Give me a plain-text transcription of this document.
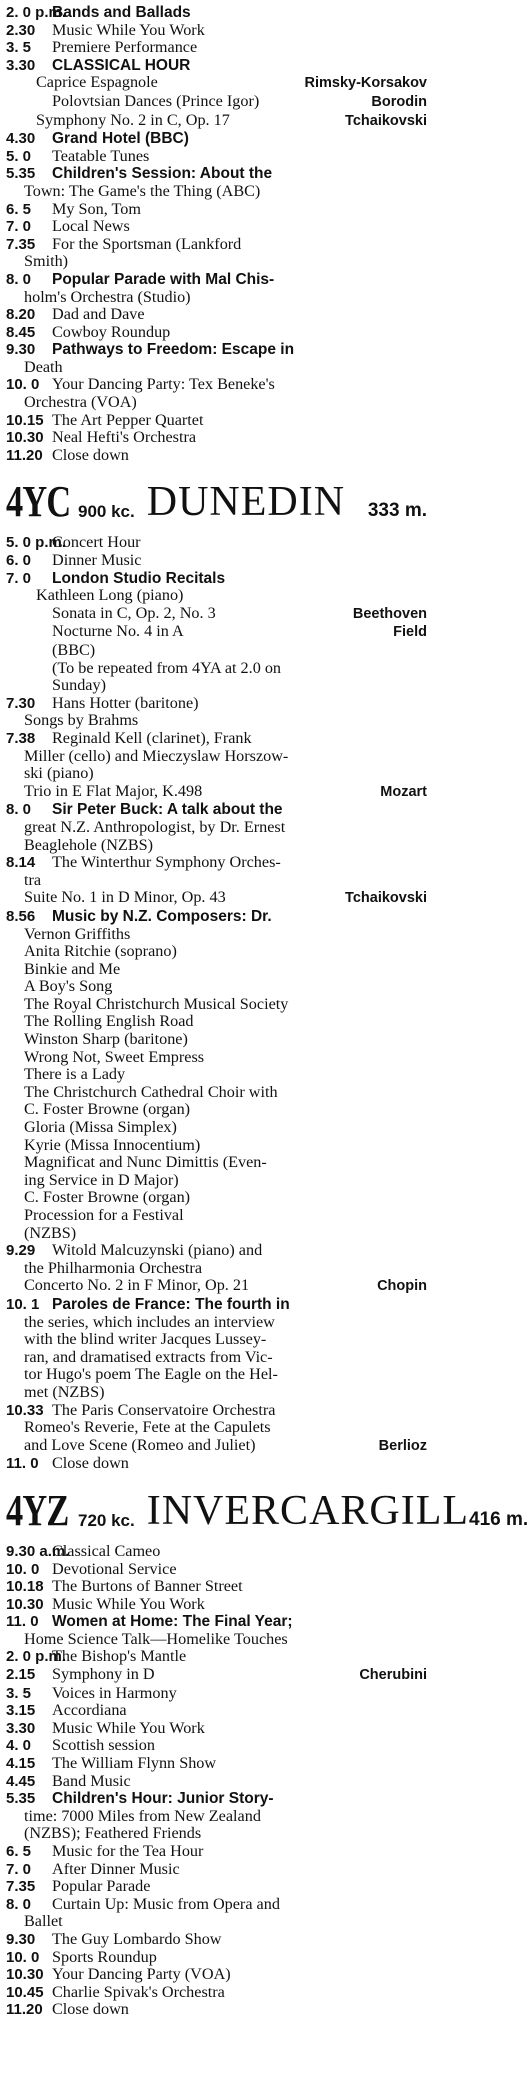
2. 0 p.m.
Bands and Ballads
2.30	Music While You Work
3. 5	Premiere Performance
3.30	CLASSICAL HOUR
Caprice Espagnole	Rimsky-Korsakov
Polovtsian Dances (Prince Igor)	Borodin
Symphony No. 2 in C, Op. 17	Tchaikovski
4.30	Grand Hotel (BBC)
5. 0	Teatable Tunes
5.35	Children's Session: About the
Town: The Game's the Thing (ABC)
6. 5	My Son, Tom
7. 0	Local News
7.35	For the Sportsman (Lankford
Smith)
8. 0	Popular Parade with Mal Chis-
holm's Orchestra (Studio)
8.20	Dad and Dave
8.45	Cowboy Roundup
9.30	Pathways to Freedom: Escape in
Death
10. 0 Your Dancing Party: Tex Beneke's
Orchestra (VOA)
10.15 The Art Pepper Quartet
10.30 Neal Hefti's Orchestra
11.20 Close down
4YC 900 kc. DUNEDIN 333 m.
5. 0 p.m.
Concert Hour
6. 0	Dinner Music
7. 0	London Studio Recitals
Kathleen Long (piano)
Sonata in C, Op. 2, No. 3	Beethoven
Nocturne No. 4 in A	Field
(BBC)
(To be repeated from 4YA at 2.0 on
Sunday)
7.30	Hans Hotter (baritone)
Songs by Brahms
7.38	Reginald Kell (clarinet), Frank
Miller (cello) and Mieczyslaw Horszow-
ski (piano)
Trio in E Flat Major, K.498	Mozart
8. 0	Sir Peter Buck: A talk about the
great N.Z. Anthropologist, by Dr. Ernest
Beaglehole (NZBS)
8.14	The Winterthur Symphony Orches-
tra
Suite No. 1 in D Minor, Op. 43	Tchaikovski
8.56	Music by N.Z. Composers: Dr.
Vernon Griffiths
Anita Ritchie (soprano)
Binkie and Me
A Boy's Song
The Royal Christchurch Musical Society
The Rolling English Road
Winston Sharp (baritone)
Wrong Not, Sweet Empress
There is a Lady
The Christchurch Cathedral Choir with
C. Foster Browne (organ)
Gloria (Missa Simplex)
Kyrie (Missa Innocentium)
Magnificat and Nunc Dimittis (Even-
ing Service in D Major)
C. Foster Browne (organ)
Procession for a Festival
(NZBS)
9.29	Witold Malcuzynski (piano) and
the Philharmonia Orchestra
Concerto No. 2 in F Minor, Op. 21	Chopin
10. 1 Paroles de France: The fourth in
the series, which includes an interview
with the blind writer Jacques Lussey-
ran, and dramatised extracts from Vic-
tor Hugo's poem The Eagle on the Hel-
met (NZBS)
10.33 The Paris Conservatoire Orchestra
Romeo's Reverie, Fete at the Capulets
and Love Scene (Romeo and Juliet)	Berlioz
11. 0 Close down
4YZ 720 kc. INVERCARGILL 416 m.
9.30 a.m.
Classical Cameo
10. 0 Devotional Service
10.18 The Burtons of Banner Street
10.30 Music While You Work
11. 0 Women at Home: The Final Year;
Home Science Talk—Homelike Touches
2. 0 p.m.
The Bishop's Mantle
2.15	Symphony in D	Cherubini
3. 5	Voices in Harmony
3.15	Accordiana
3.30	Music While You Work
4. 0	Scottish session
4.15	The William Flynn Show
4.45	Band Music
5.35	Children's Hour: Junior Story-
time: 7000 Miles from New Zealand
(NZBS); Feathered Friends
6. 5	Music for the Tea Hour
7. 0	After Dinner Music
7.35	Popular Parade
8. 0	Curtain Up: Music from Opera and
Ballet
9.30	The Guy Lombardo Show
10. 0 Sports Roundup
10.30 Your Dancing Party (VOA)
10.45 Charlie Spivak's Orchestra
11.20 Close down
